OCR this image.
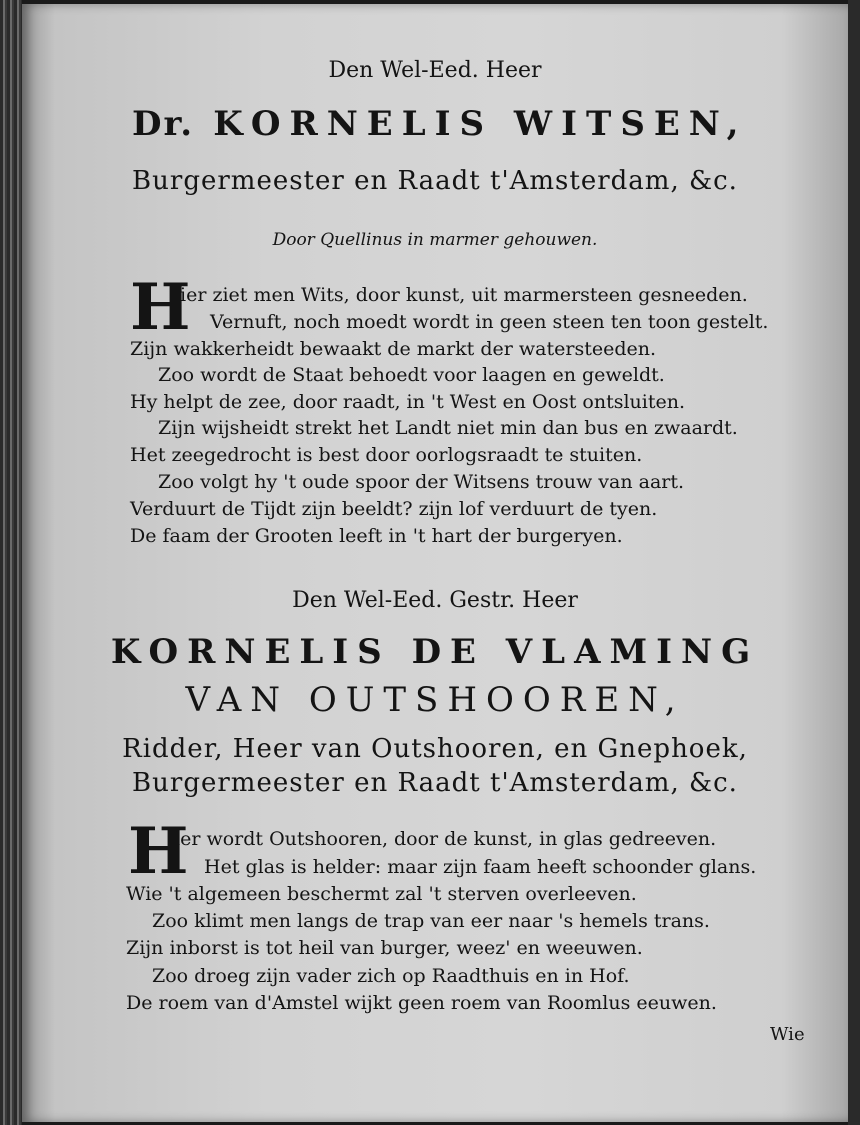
Den Wel-Eed. Heer
Dr. KORNELIS WITSEN,
Burgermeester en Raadt t'Amsterdam, &c.
Door Quellinus in marmer gehouwen.
H
ier ziet men Wits, door kunst, uit marmersteen gesneeden.
Vernuft, noch moedt wordt in geen steen ten toon gestelt.
Zijn wakkerheidt bewaakt de markt der watersteeden.
Zoo wordt de Staat behoedt voor laagen en geweldt.
Hy helpt de zee, door raadt, in 't West en Oost ontsluiten.
Zijn wijsheidt strekt het Landt niet min dan bus en zwaardt.
Het zeegedrocht is best door oorlogsraadt te stuiten.
Zoo volgt hy 't oude spoor der Witsens trouw van aart.
Verduurt de Tijdt zijn beeldt? zijn lof verduurt de tyen.
De faam der Grooten leeft in 't hart der burgeryen.
Den Wel-Eed. Gestr. Heer
KORNELIS DE VLAMING
VAN OUTSHOOREN,
Ridder, Heer van Outshooren, en Gnephoek,
Burgermeester en Raadt t'Amsterdam, &c.
H
ier wordt Outshooren, door de kunst, in glas gedreeven.
Het glas is helder: maar zijn faam heeft schoonder glans.
Wie 't algemeen beschermt zal 't sterven overleeven.
Zoo klimt men langs de trap van eer naar 's hemels trans.
Zijn inborst is tot heil van burger, weez' en weeuwen.
Zoo droeg zijn vader zich op Raadthuis en in Hof.
De roem van d'Amstel wijkt geen roem van Roomlus eeuwen.
Wie
